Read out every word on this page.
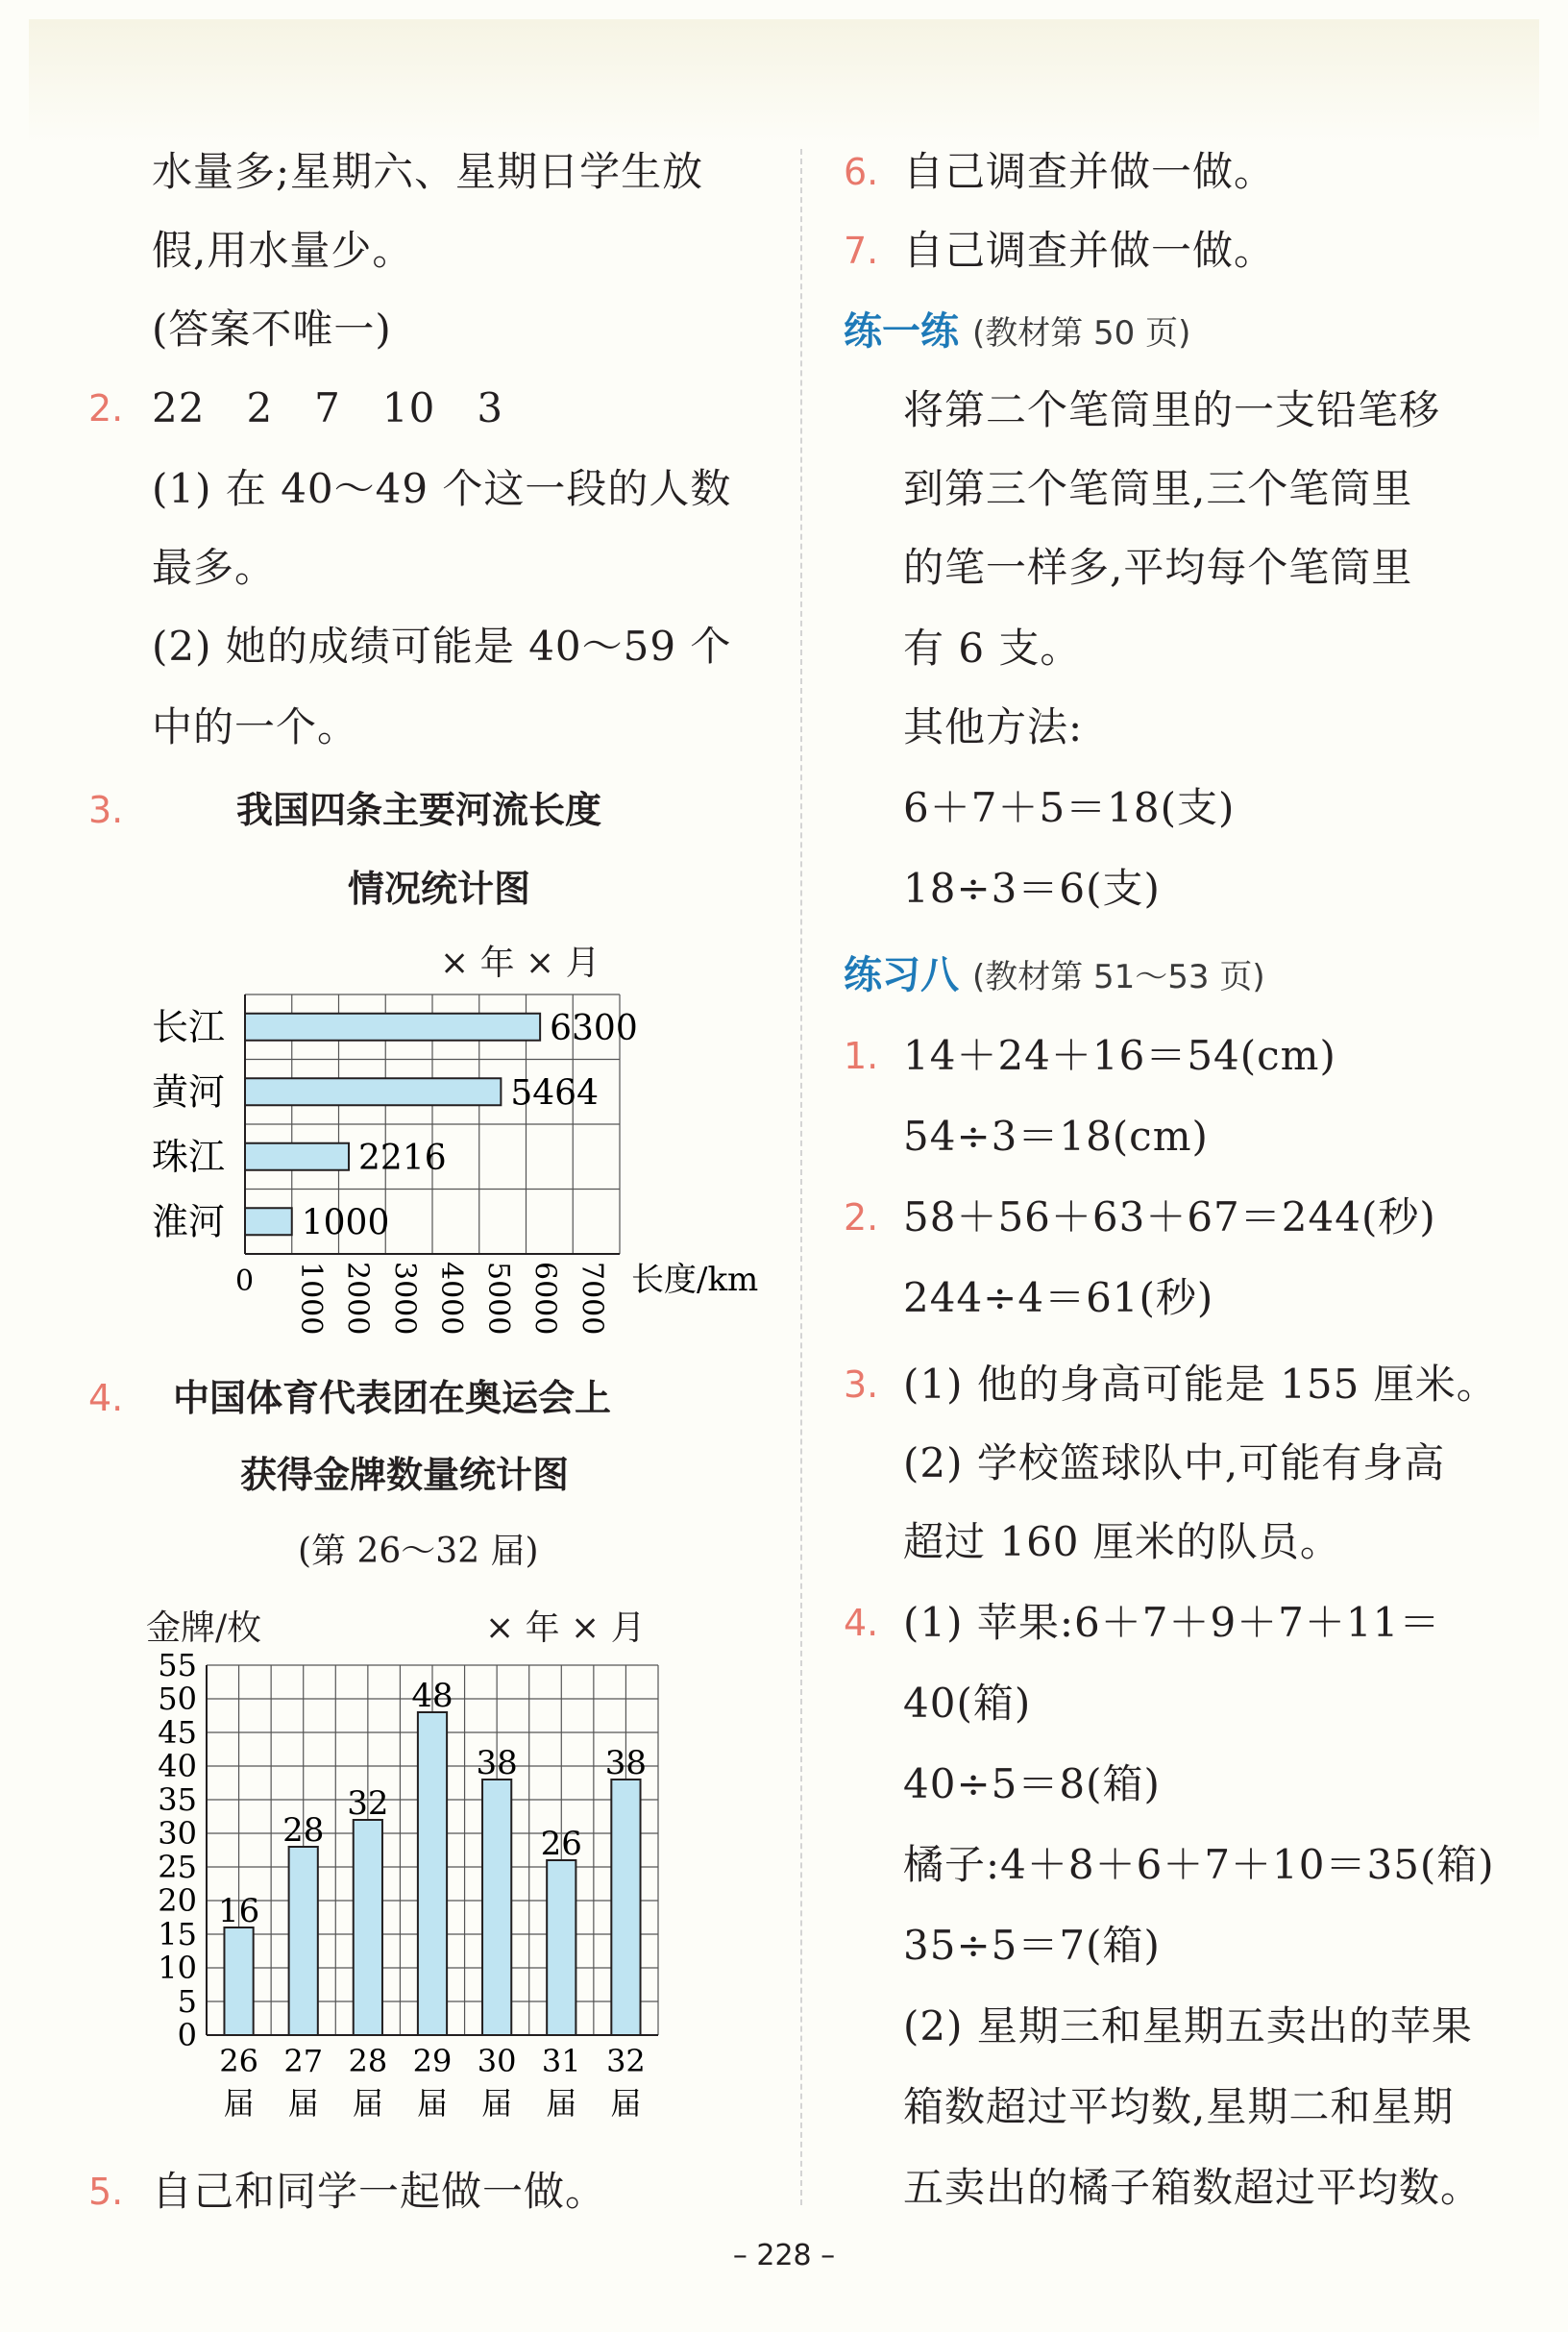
水量多;星期六、星期日学生放
假,用水量少。
(答案不唯一)
2. 22　2　7　10　3
(1) 在 40～49 个这一段的人数
最多。
(2) 她的成绩可能是 40～59 个
中的一个。
3.	我国四条主要河流长度
情况统计图
× 年 × 月
长江	6300
黄河	5464
珠江	2216
淮河 1000
0 1000 2000 3000 4000 5000 6000 7000 长度/km
4. 中国体育代表团在奥运会上
获得金牌数量统计图
(第 26～32 届)
金牌/枚	× 年 × 月
0
5
10
15
20
25
30
35
40
45
50
55
16
26
届
28
27
届
32
28
届
48
29
届
38
30
届
26
31
届
38
32
届
5. 自己和同学一起做一做。
6. 自己调查并做一做。
7. 自己调查并做一做。
练一练 (教材第 50 页)
将第二个笔筒里的一支铅笔移
到第三个笔筒里,三个笔筒里
的笔一样多,平均每个笔筒里
有 6 支。
其他方法:
6＋7＋5＝18(支)
18÷3＝6(支)
练习八 (教材第 51～53 页)
1. 14＋24＋16＝54(cm)
54÷3＝18(cm)
2. 58＋56＋63＋67＝244(秒)
244÷4＝61(秒)
3. (1) 他的身高可能是 155 厘米。
(2) 学校篮球队中,可能有身高
超过 160 厘米的队员。
4. (1) 苹果:6＋7＋9＋7＋11＝
40(箱)
40÷5＝8(箱)
橘子:4＋8＋6＋7＋10＝35(箱)
35÷5＝7(箱)
(2) 星期三和星期五卖出的苹果
箱数超过平均数,星期二和星期
五卖出的橘子箱数超过平均数。
– 228 –
